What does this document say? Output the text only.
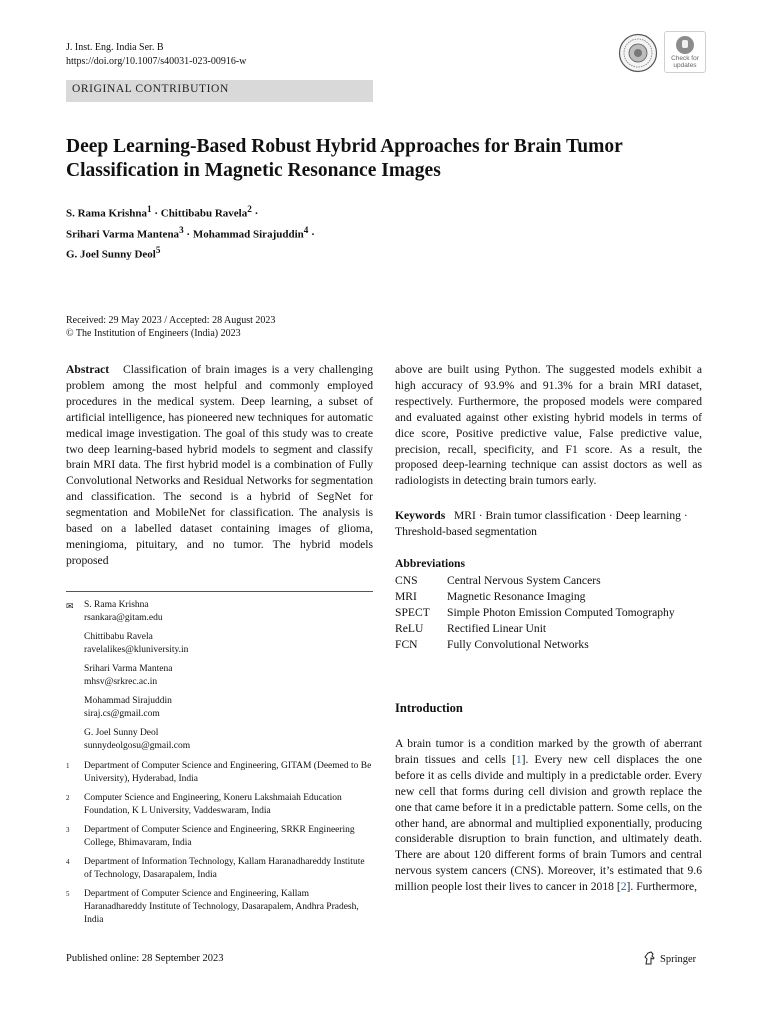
J. Inst. Eng. India Ser. B
https://doi.org/10.1007/s40031-023-00916-w	Check for
updates
ORIGINAL CONTRIBUTION
Deep Learning-Based Robust Hybrid Approaches for Brain Tumor Classification in Magnetic Resonance Images
S. Rama Krishna$^1$ · Chittibabu Ravela$^2$ ·
Srihari Varma Mantena$^3$ · Mohammad Sirajuddin$^4$ ·
G. Joel Sunny Deol$^5$
Received: 29 May 2023 / Accepted: 28 August 2023
© The Institution of Engineers (India) 2023
Abstract Classification of brain images is a very challenging problem among the most helpful and commonly employed procedures in the medical system. Deep learning, a subset of artificial intelligence, has pioneered new techniques for automatic medical image investigation. The goal of this study was to create two deep learning-based hybrid models to segment and classify brain MRI data. The first hybrid model is a combination of Fully Convolutional Networks and Residual Networks for segmentation and classification. The second is a hybrid of SegNet for segmentation and MobileNet for classification. The analysis is based on a labelled dataset containing images of glioma, meningioma, pituitary, and no tumor. The hybrid models proposed
above are built using Python. The suggested models exhibit a high accuracy of 93.9% and 91.3% for a brain MRI dataset, respectively. Furthermore, the proposed models were compared and evaluated against other existing hybrid models in terms of dice score, Positive predictive value, False predictive value, precision, recall, specificity, and F1 score. As a result, the proposed deep-learning technique can assist doctors as well as radiologists in detecting brain tumors early.
✉ S. Rama Krishna
rsankara@gitam.edu
Chittibabu Ravela
ravelalikes@kluniversity.in
Srihari Varma Mantena
mhsv@srkrec.ac.in
Mohammad Sirajuddin
siraj.cs@gmail.com
G. Joel Sunny Deol
sunnydeolgosu@gmail.com
1 Department of Computer Science and Engineering, GITAM (Deemed to Be University), Hyderabad, India
2 Computer Science and Engineering, Koneru Lakshmaiah Education Foundation, K L University, Vaddeswaram, India
3 Department of Computer Science and Engineering, SRKR Engineering College, Bhimavaram, India
4 Department of Information Technology, Kallam Haranadhareddy Institute of Technology, Dasarapalem, India
5 Department of Computer Science and Engineering, Kallam Haranadhareddy Institute of Technology, Dasarapalem, Andhra Pradesh, India
Keywords MRI · Brain tumor classification · Deep learning · Threshold-based segmentation
Abbreviations
CNS	Central Nervous System Cancers
MRI	Magnetic Resonance Imaging
SPECT	Simple Photon Emission Computed Tomography
ReLU	Rectified Linear Unit
FCN	Fully Convolutional Networks
Introduction
A brain tumor is a condition marked by the growth of aberrant brain tissues and cells [1]. Every new cell displaces the one before it as cells divide and multiply in a predictable order. Every new cell that forms during cell division and growth replace the one that came before it in a predictable pattern. Some cells, on the other hand, are abnormal and multiplied exponentially, producing considerable disruption to brain function, and ultimately death. There are about 120 different forms of brain Tumors and central nervous system cancers (CNS). Moreover, it’s estimated that 9.6 million people lost their lives to cancer in 2018 [2]. Furthermore,
Published online: 28 September 2023	Springer
